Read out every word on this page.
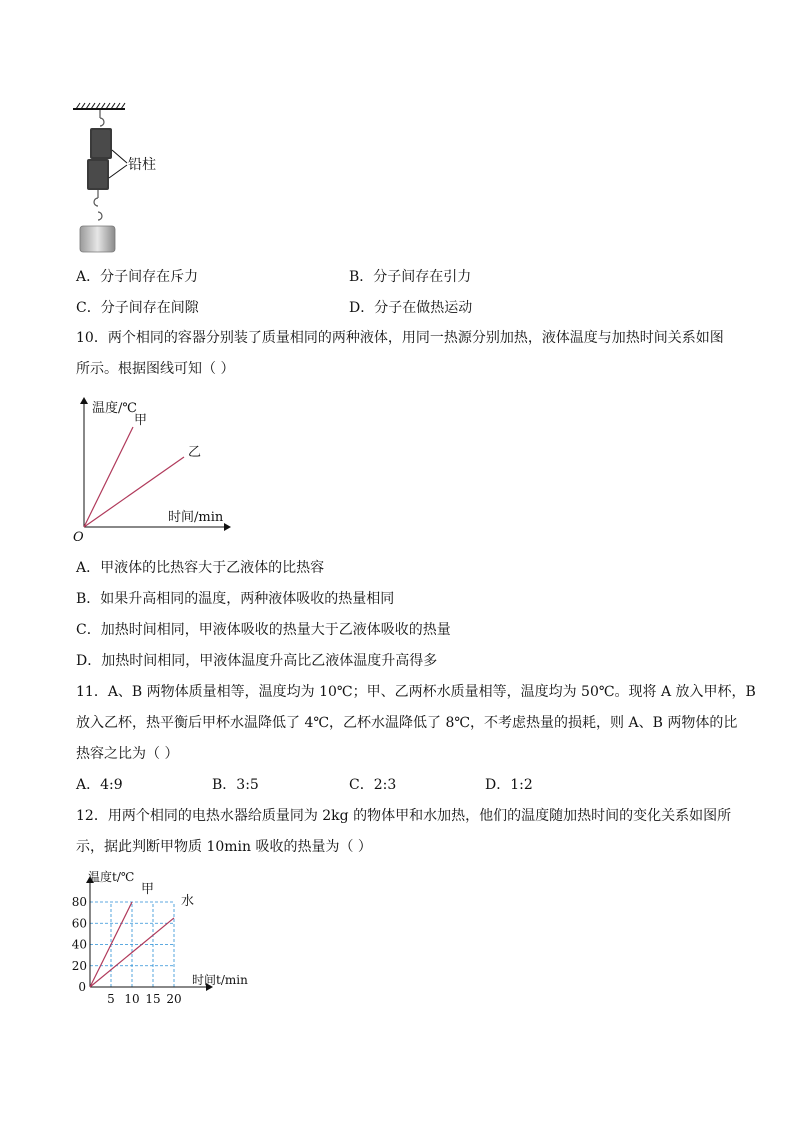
铅柱
A．分子间存在斥力	B．分子间存在引力
C．分子间存在间隙	D．分子在做热运动
10．两个相同的容器分别装了质量相同的两种液体，用同一热源分别加热，液体温度与加热时间关系如图
所示。根据图线可知（ ）
温度/℃
时间/min
O
甲
乙
A．甲液体的比热容大于乙液体的比热容
B．如果升高相同的温度，两种液体吸收的热量相同
C．加热时间相同，甲液体吸收的热量大于乙液体吸收的热量
D．加热时间相同，甲液体温度升高比乙液体温度升高得多
11．A、B 两物体质量相等，温度均为 10℃；甲、乙两杯水质量相等，温度均为 50℃。现将 A 放入甲杯，B
放入乙杯，热平衡后甲杯水温降低了 4℃，乙杯水温降低了 8℃，不考虑热量的损耗，则 A、B 两物体的比
热容之比为（ ）
A．4:9	B．3:5	C．2:3	D．1:2
12．用两个相同的电热水器给质量同为 2kg 的物体甲和水加热，他们的温度随加热时间的变化关系如图所
示，据此判断甲物质 10min 吸收的热量为（ ）
20
40
60
80
5 10 15 20
0
温度t/℃
时间t/min
甲
水
